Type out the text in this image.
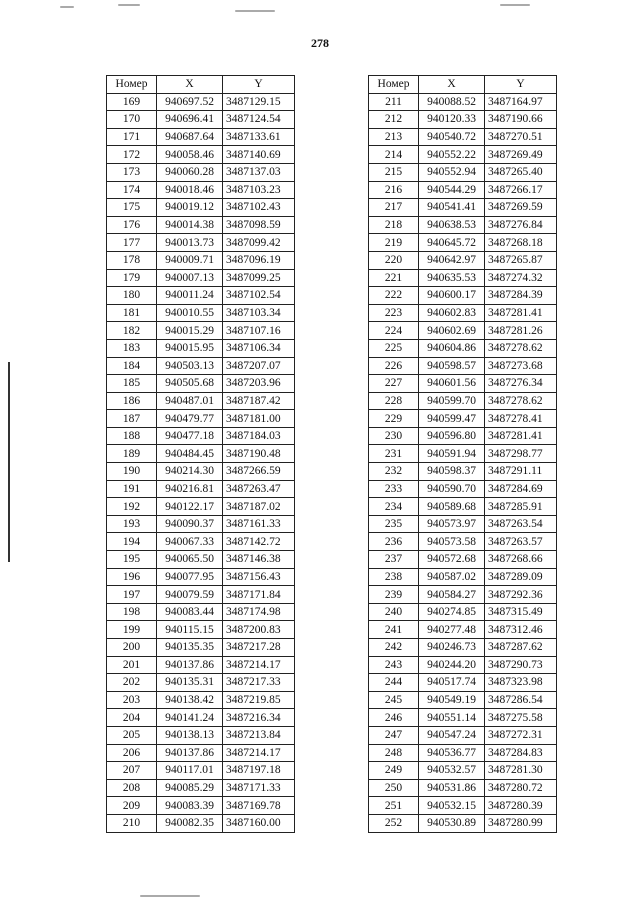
278
Номер	X	Y
169	940697.52	3487129.15
170	940696.41	3487124.54
171	940687.64	3487133.61
172	940058.46	3487140.69
173	940060.28	3487137.03
174	940018.46	3487103.23
175	940019.12	3487102.43
176	940014.38	3487098.59
177	940013.73	3487099.42
178	940009.71	3487096.19
179	940007.13	3487099.25
180	940011.24	3487102.54
181	940010.55	3487103.34
182	940015.29	3487107.16
183	940015.95	3487106.34
184	940503.13	3487207.07
185	940505.68	3487203.96
186	940487.01	3487187.42
187	940479.77	3487181.00
188	940477.18	3487184.03
189	940484.45	3487190.48
190	940214.30	3487266.59
191	940216.81	3487263.47
192	940122.17	3487187.02
193	940090.37	3487161.33
194	940067.33	3487142.72
195	940065.50	3487146.38
196	940077.95	3487156.43
197	940079.59	3487171.84
198	940083.44	3487174.98
199	940115.15	3487200.83
200	940135.35	3487217.28
201	940137.86	3487214.17
202	940135.31	3487217.33
203	940138.42	3487219.85
204	940141.24	3487216.34
205	940138.13	3487213.84
206	940137.86	3487214.17
207	940117.01	3487197.18
208	940085.29	3487171.33
209	940083.39	3487169.78
210	940082.35	3487160.00
Номер	X	Y
211	940088.52	3487164.97
212	940120.33	3487190.66
213	940540.72	3487270.51
214	940552.22	3487269.49
215	940552.94	3487265.40
216	940544.29	3487266.17
217	940541.41	3487269.59
218	940638.53	3487276.84
219	940645.72	3487268.18
220	940642.97	3487265.87
221	940635.53	3487274.32
222	940600.17	3487284.39
223	940602.83	3487281.41
224	940602.69	3487281.26
225	940604.86	3487278.62
226	940598.57	3487273.68
227	940601.56	3487276.34
228	940599.70	3487278.62
229	940599.47	3487278.41
230	940596.80	3487281.41
231	940591.94	3487298.77
232	940598.37	3487291.11
233	940590.70	3487284.69
234	940589.68	3487285.91
235	940573.97	3487263.54
236	940573.58	3487263.57
237	940572.68	3487268.66
238	940587.02	3487289.09
239	940584.27	3487292.36
240	940274.85	3487315.49
241	940277.48	3487312.46
242	940246.73	3487287.62
243	940244.20	3487290.73
244	940517.74	3487323.98
245	940549.19	3487286.54
246	940551.14	3487275.58
247	940547.24	3487272.31
248	940536.77	3487284.83
249	940532.57	3487281.30
250	940531.86	3487280.72
251	940532.15	3487280.39
252	940530.89	3487280.99
